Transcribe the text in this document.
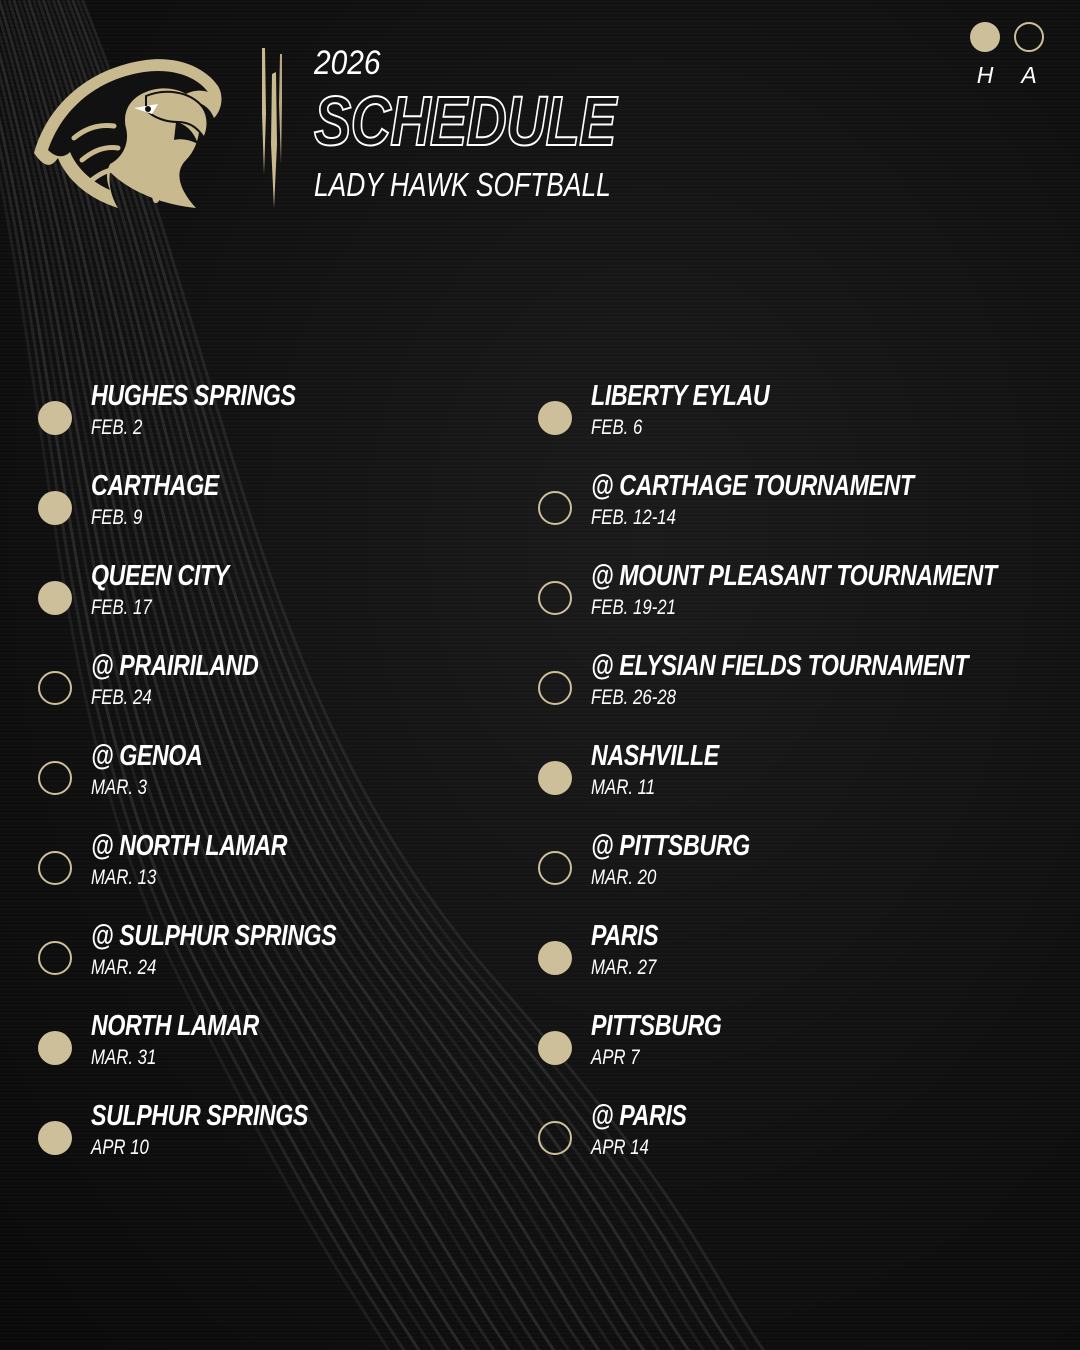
2026
SCHEDULE
LADY HAWK SOFTBALL
H	A
HUGHES SPRINGS
FEB. 2
CARTHAGE
FEB. 9
QUEEN CITY
FEB. 17
@ PRAIRILAND
FEB. 24
@ GENOA
MAR. 3
@ NORTH LAMAR
MAR. 13
@ SULPHUR SPRINGS
MAR. 24
NORTH LAMAR
MAR. 31
SULPHUR SPRINGS
APR 10
LIBERTY EYLAU
FEB. 6
@ CARTHAGE TOURNAMENT
FEB. 12-14
@ MOUNT PLEASANT TOURNAMENT
FEB. 19-21
@ ELYSIAN FIELDS TOURNAMENT
FEB. 26-28
NASHVILLE
MAR. 11
@ PITTSBURG
MAR. 20
PARIS
MAR. 27
PITTSBURG
APR 7
@ PARIS
APR 14
